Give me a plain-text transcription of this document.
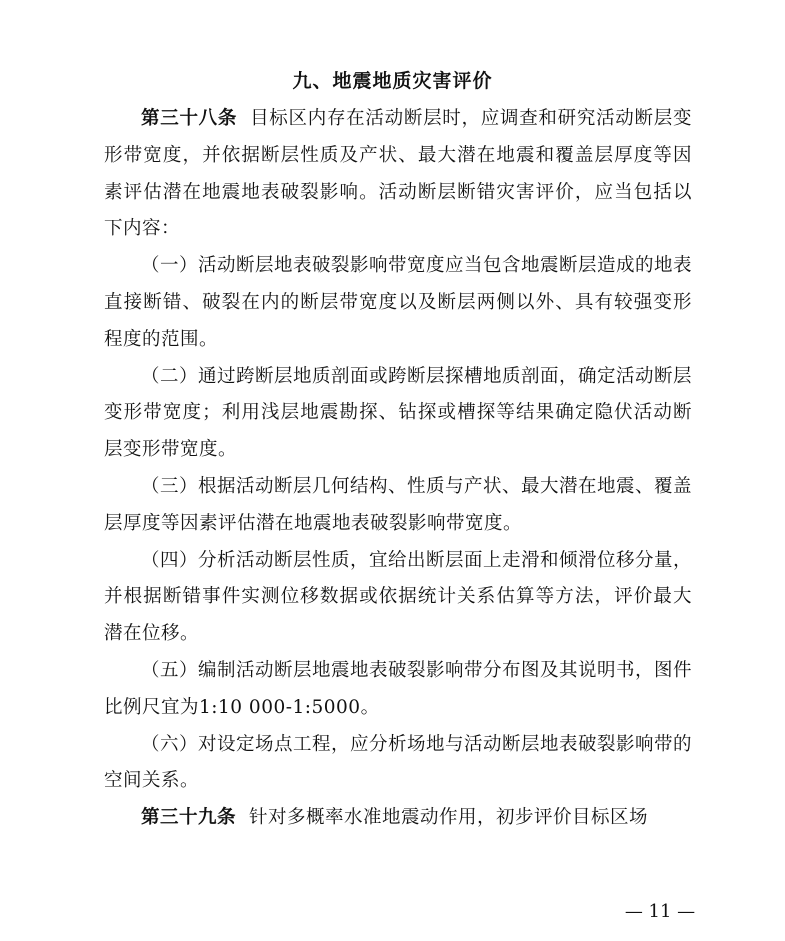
九、地震地质灾害评价

第三十八条 目标区内存在活动断层时，应调查和研究活动断层变形带宽度，并依据断层性质及产状、最大潜在地震和覆盖层厚度等因素评估潜在地震地表破裂影响。活动断层断错灾害评价，应当包括以下内容：

（一）活动断层地表破裂影响带宽度应当包含地震断层造成的地表直接断错、破裂在内的断层带宽度以及断层两侧以外、具有较强变形程度的范围。

（二）通过跨断层地质剖面或跨断层探槽地质剖面，确定活动断层变形带宽度；利用浅层地震勘探、钻探或槽探等结果确定隐伏活动断层变形带宽度。

（三）根据活动断层几何结构、性质与产状、最大潜在地震、覆盖层厚度等因素评估潜在地震地表破裂影响带宽度。

（四）分析活动断层性质，宜给出断层面上走滑和倾滑位移分量，并根据断错事件实测位移数据或依据统计关系估算等方法，评价最大潜在位移。

（五）编制活动断层地震地表破裂影响带分布图及其说明书，图件比例尺宜为1:10 000-1:5000。

（六）对设定场点工程，应分析场地与活动断层地表破裂影响带的空间关系。

第三十九条 针对多概率水准地震动作用，初步评价目标区场

— 11 —
